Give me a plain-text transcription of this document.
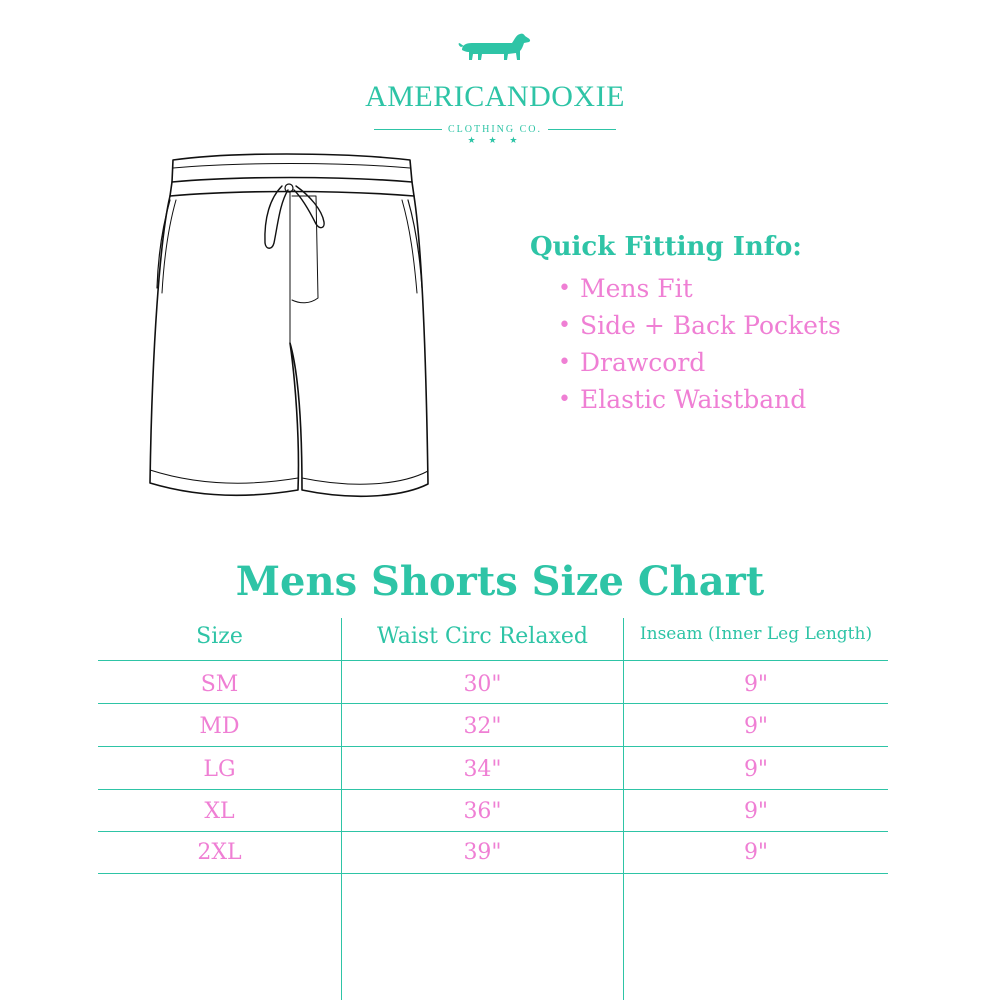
AMERICANDOXIE
CLOTHING CO.
★ ★ ★
Quick Fitting Info:
• Mens Fit
• Side + Back Pockets
• Drawcord
• Elastic Waistband
Mens Shorts Size Chart
Size	Waist Circ Relaxed	Inseam (Inner Leg Length)
SM	30"	9"
MD	32"	9"
LG	34"	9"
XL	36"	9"
2XL	39"	9"
